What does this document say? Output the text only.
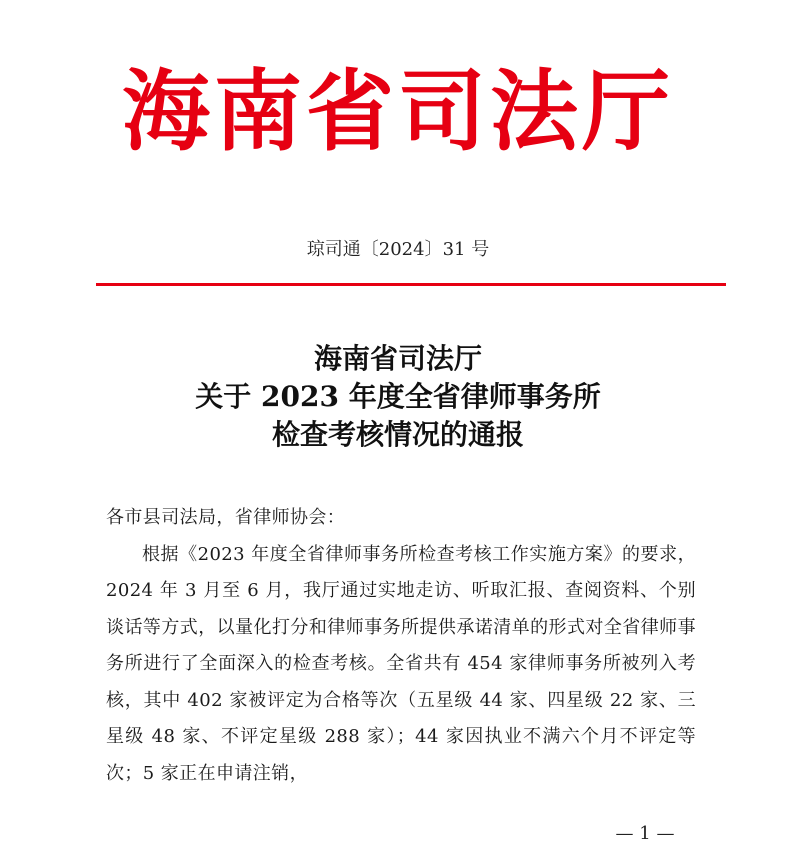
海南省司法厅
琼司通〔2024〕31 号
海南省司法厅
关于 2023 年度全省律师事务所
检查考核情况的通报
各市县司法局，省律师协会：
根据《2023 年度全省律师事务所检查考核工作实施方案》的要求，2024 年 3 月至 6 月，我厅通过实地走访、听取汇报、查阅资料、个别谈话等方式，以量化打分和律师事务所提供承诺清单的形式对全省律师事务所进行了全面深入的检查考核。全省共有 454 家律师事务所被列入考核，其中 402 家被评定为合格等次（五星级 44 家、四星级 22 家、三星级 48 家、不评定星级 288 家）；44 家因执业不满六个月不评定等次；5 家正在申请注销，
— 1 —
